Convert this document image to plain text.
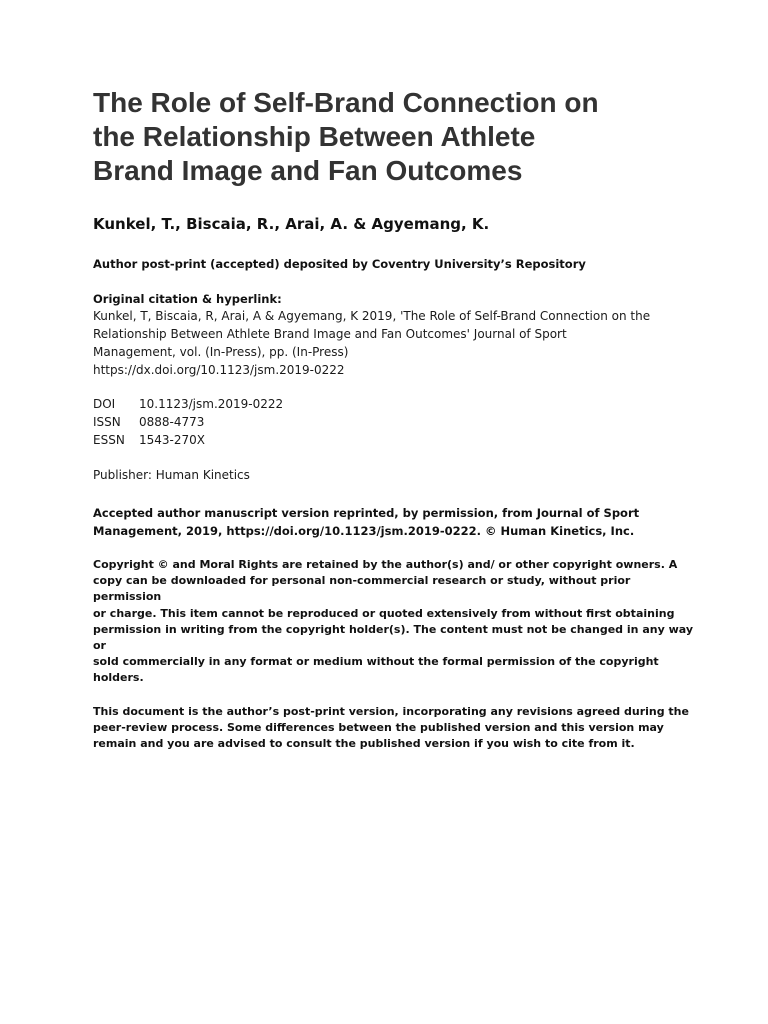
The Role of Self-Brand Connection on
the Relationship Between Athlete
Brand Image and Fan Outcomes
Kunkel, T., Biscaia, R., Arai, A. & Agyemang, K.
Author post-print (accepted) deposited by Coventry University’s Repository
Original citation & hyperlink:
Kunkel, T, Biscaia, R, Arai, A & Agyemang, K 2019, 'The Role of Self-Brand Connection on the
Relationship Between Athlete Brand Image and Fan Outcomes' Journal of Sport
Management, vol. (In-Press), pp. (In-Press)
https://dx.doi.org/10.1123/jsm.2019-0222
DOI	10.1123/jsm.2019-0222
ISSN	0888-4773
ESSN	1543-270X
Publisher: Human Kinetics
Accepted author manuscript version reprinted, by permission, from Journal of Sport
Management, 2019, https://doi.org/10.1123/jsm.2019-0222. © Human Kinetics, Inc.
Copyright © and Moral Rights are retained by the author(s) and/ or other copyright owners. A
copy can be downloaded for personal non-commercial research or study, without prior permission
or charge. This item cannot be reproduced or quoted extensively from without first obtaining
permission in writing from the copyright holder(s). The content must not be changed in any way or
sold commercially in any format or medium without the formal permission of the copyright
holders.
This document is the author’s post-print version, incorporating any revisions agreed during the
peer-review process. Some differences between the published version and this version may
remain and you are advised to consult the published version if you wish to cite from it.
